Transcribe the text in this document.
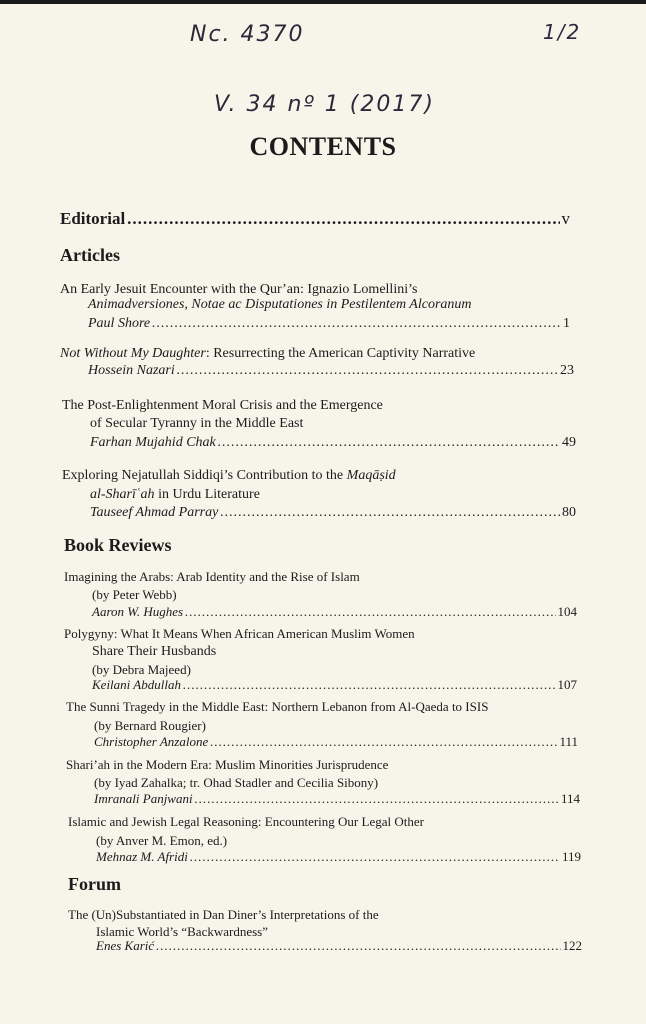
Nc. 4370	1/2
V. 34 nº 1 (2017)
CONTENTS
Editorial .....	v
Articles
An Early Jesuit Encounter with the Qur’an: Ignazio Lomellini’s
Animadversiones, Notae ac Disputationes in Pestilentem Alcoranum
Paul Shore .....	1
Not Without My Daughter: Resurrecting the American Captivity Narrative
Hossein Nazari .....	23
The Post-Enlightenment Moral Crisis and the Emergence
of Secular Tyranny in the Middle East
Farhan Mujahid Chak .....	49
Exploring Nejatullah Siddiqi’s Contribution to the Maqāṣid
al-Sharīʿah in Urdu Literature
Tauseef Ahmad Parray .....	80
Book Reviews
Imagining the Arabs: Arab Identity and the Rise of Islam
(by Peter Webb)
Aaron W. Hughes .....	104
Polygyny: What It Means When African American Muslim Women
Share Their Husbands
(by Debra Majeed)
Keilani Abdullah .....	107
The Sunni Tragedy in the Middle East: Northern Lebanon from Al-Qaeda to ISIS
(by Bernard Rougier)
Christopher Anzalone .....	111
Shari’ah in the Modern Era: Muslim Minorities Jurisprudence
(by Iyad Zahalka; tr. Ohad Stadler and Cecilia Sibony)
Imranali Panjwani .....	114
Islamic and Jewish Legal Reasoning: Encountering Our Legal Other
(by Anver M. Emon, ed.)
Mehnaz M. Afridi .....	119
Forum
The (Un)Substantiated in Dan Diner’s Interpretations of the
Islamic World’s “Backwardness”
Enes Karić .....	122
